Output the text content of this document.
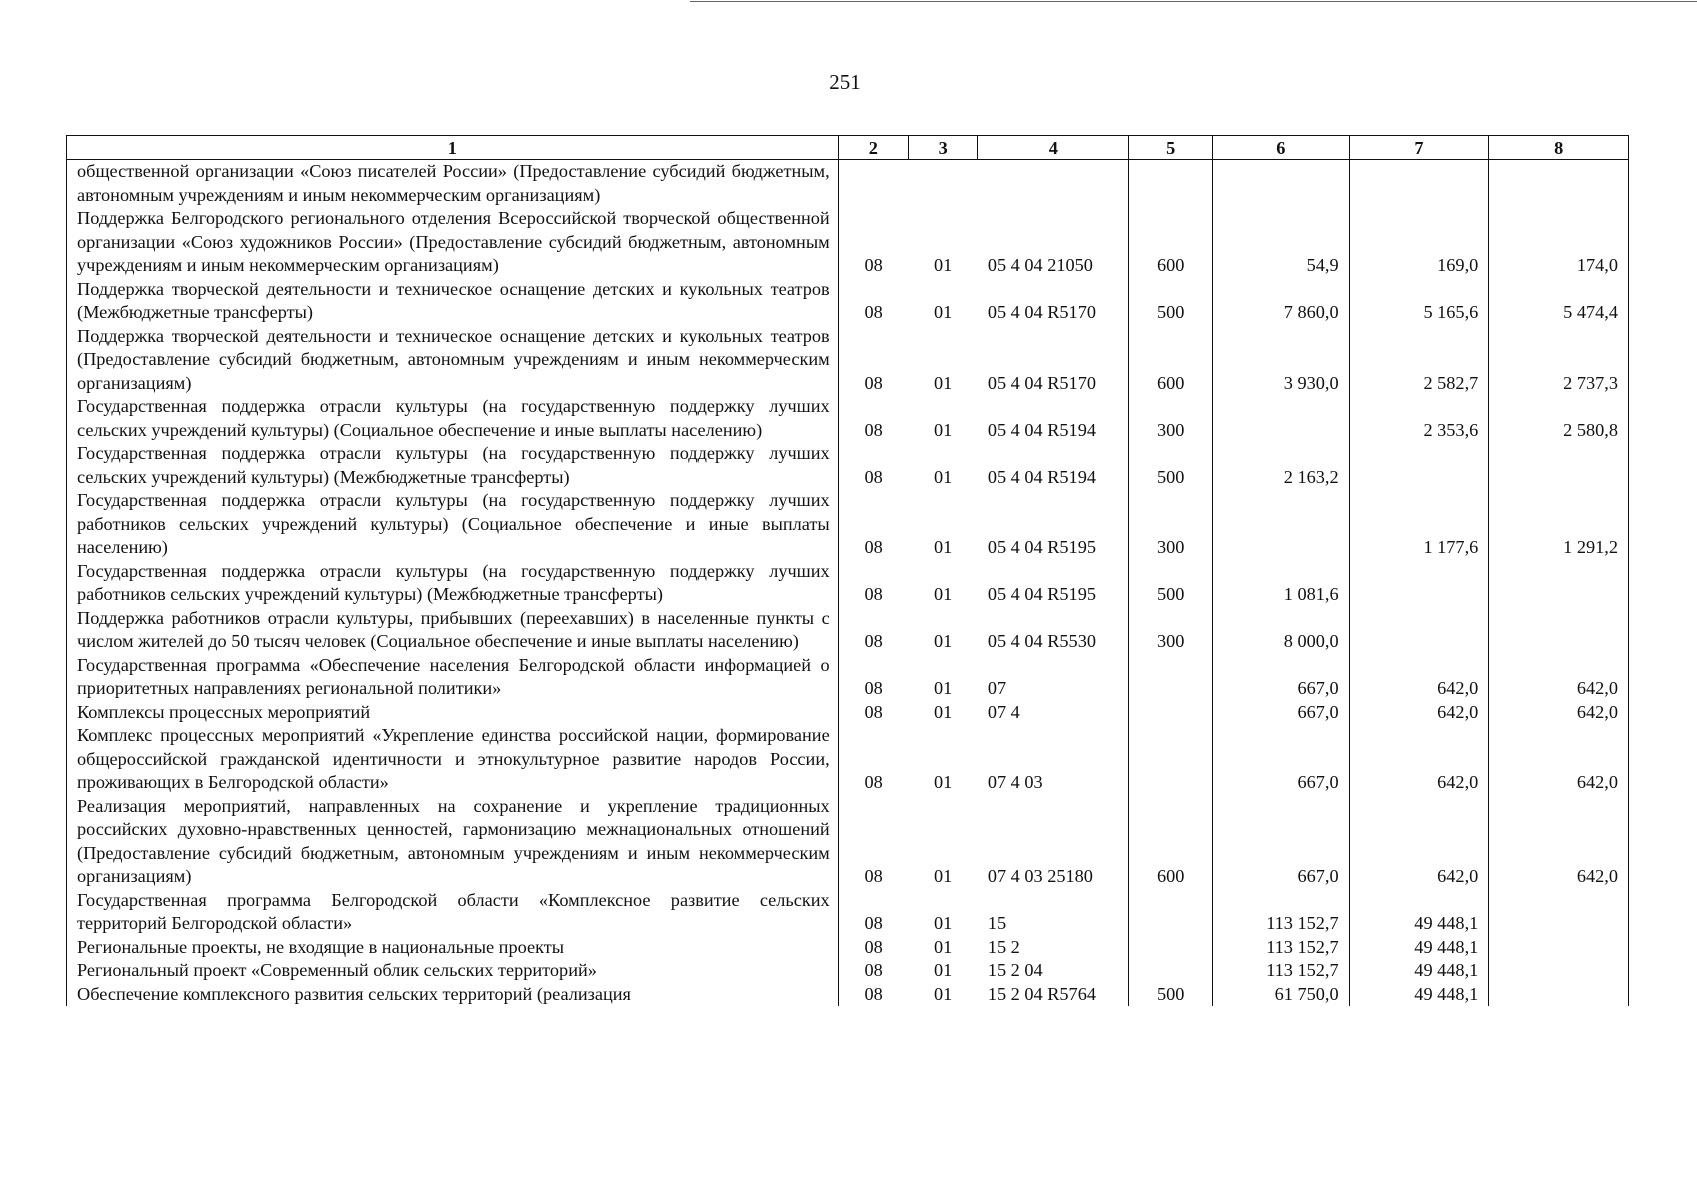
251
1	2	3	4	5	6	7	8
общественной организации «Союз писателей России» (Предоставление субсидий бюджетным, автономным учреждениям и иным некоммерческим организациям)							
Поддержка Белгородского регионального отделения Всероссийской творческой общественной организации «Союз художников России» (Предоставление субсидий бюджетным, автономным учреждениям и иным некоммерческим организациям)	08	01	05 4 04 21050	600	54,9	169,0	174,0
Поддержка творческой деятельности и техническое оснащение детских и кукольных театров (Межбюджетные трансферты)	08	01	05 4 04 R5170	500	7 860,0	5 165,6	5 474,4
Поддержка творческой деятельности и техническое оснащение детских и кукольных театров (Предоставление субсидий бюджетным, автономным учреждениям и иным некоммерческим организациям)	08	01	05 4 04 R5170	600	3 930,0	2 582,7	2 737,3
Государственная поддержка отрасли культуры (на государственную поддержку лучших сельских учреждений культуры) (Социальное обеспечение и иные выплаты населению)	08	01	05 4 04 R5194	300		2 353,6	2 580,8
Государственная поддержка отрасли культуры (на государственную поддержку лучших сельских учреждений культуры) (Межбюджетные трансферты)	08	01	05 4 04 R5194	500	2 163,2		
Государственная поддержка отрасли культуры (на государственную поддержку лучших работников сельских учреждений культуры) (Социальное обеспечение и иные выплаты населению)	08	01	05 4 04 R5195	300		1 177,6	1 291,2
Государственная поддержка отрасли культуры (на государственную поддержку лучших работников сельских учреждений культуры) (Межбюджетные трансферты)	08	01	05 4 04 R5195	500	1 081,6		
Поддержка работников отрасли культуры, прибывших (переехавших) в населенные пункты с числом жителей до 50 тысяч человек (Социальное обеспечение и иные выплаты населению)	08	01	05 4 04 R5530	300	8 000,0		
Государственная программа «Обеспечение населения Белгородской области информацией о приоритетных направлениях региональной политики»	08	01	07		667,0	642,0	642,0
Комплексы процессных мероприятий	08	01	07 4		667,0	642,0	642,0
Комплекс процессных мероприятий «Укрепление единства российской нации, формирование общероссийской гражданской идентичности и этнокультурное развитие народов России, проживающих в Белгородской области»	08	01	07 4 03		667,0	642,0	642,0
Реализация мероприятий, направленных на сохранение и укрепление традиционных российских духовно-нравственных ценностей, гармонизацию межнациональных отношений (Предоставление субсидий бюджетным, автономным учреждениям и иным некоммерческим организациям)	08	01	07 4 03 25180	600	667,0	642,0	642,0
Государственная программа Белгородской области «Комплексное развитие сельских территорий Белгородской области»	08	01	15		113 152,7	49 448,1	
Региональные проекты, не входящие в национальные проекты	08	01	15 2		113 152,7	49 448,1	
Региональный проект «Современный облик сельских территорий»	08	01	15 2 04		113 152,7	49 448,1	
Обеспечение комплексного развития сельских территорий (реализация	08	01	15 2 04 R5764	500	61 750,0	49 448,1	
